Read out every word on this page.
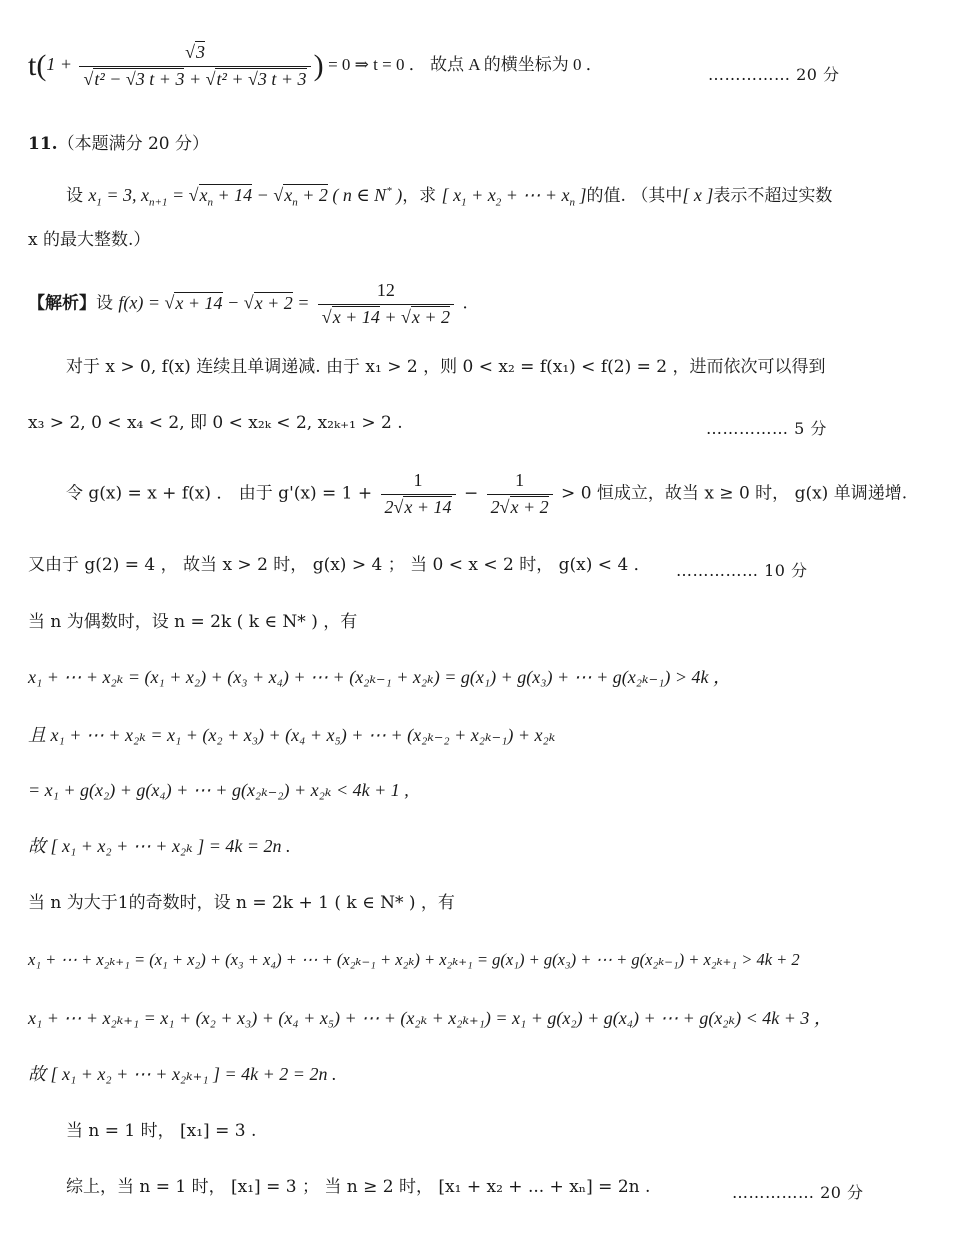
$t(1 + \frac{√3}{\text{√t² − √3 t + 3 + √t² + √3 t + 3}}$ ) = 0 ⇒ t = 0 ． 故点 A 的横坐标为 0 ．
…………… 20 分
11.（本题满分 20 分）
设 $x_1 = 3$, $x_{n+1} = √x_n + 14 - √x_n + 2$ ( n ∈ N* )，求 [ $x_1 + x_2$ + ⋯ + $x_n$ ]的值. （其中[ x ]表示不超过实数
x 的最大整数.）
【解析】设 $f(x) = √x + 14 - √x + 2 = \frac{12}{√x + 14 + √x + 2}$ .
对于 x > 0, f(x) 连续且单调递减. 由于 x₁ > 2 ，则 0 < x₂ = f(x₁) < f(2) = 2 ，进而依次可以得到
x₃ > 2, 0 < x₄ < 2, 即 0 < x₂ₖ < 2, x₂ₖ₊₁ > 2 .	…………… 5 分
令 g(x) = x + f(x) ． 由于 $g'(x) = 1 + \frac{1}{2√x + 14} - \frac{1}{2√x + 2} > 0$ 恒成立，故当 x ≥ 0 时， g(x) 单调递增.
又由于 g(2) = 4 ， 故当 x > 2 时， g(x) > 4 ； 当 0 < x < 2 时， g(x) < 4 ． …………… 10 分
当 n 为偶数时，设 n = 2k ( k ∈ N* ) ，有
x₁ + ⋯ + x₂ₖ = (x₁ + x₂) + (x₃ + x₄) + ⋯ + (x₂ₖ₋₁ + x₂ₖ) = g(x₁) + g(x₃) + ⋯ + g(x₂ₖ₋₁) > 4k ，
且 x₁ + ⋯ + x₂ₖ = x₁ + (x₂ + x₃) + (x₄ + x₅) + ⋯ + (x₂ₖ₋₂ + x₂ₖ₋₁) + x₂ₖ
= x₁ + g(x₂) + g(x₄) + ⋯ + g(x₂ₖ₋₂) + x₂ₖ < 4k + 1 ,
故 [ x₁ + x₂ + ⋯ + x₂ₖ ] = 4k = 2n .
当 n 为大于1的奇数时，设 n = 2k + 1 ( k ∈ N* ) ，有
x₁ + ⋯ + x₂ₖ₊₁ = (x₁ + x₂) + (x₃ + x₄) + ⋯ + (x₂ₖ₋₁ + x₂ₖ) + x₂ₖ₊₁ = g(x₁) + g(x₃) + ⋯ + g(x₂ₖ₋₁) + x₂ₖ₊₁ > 4k + 2
x₁ + ⋯ + x₂ₖ₊₁ = x₁ + (x₂ + x₃) + (x₄ + x₅) + ⋯ + (x₂ₖ + x₂ₖ₊₁) = x₁ + g(x₂) + g(x₄) + ⋯ + g(x₂ₖ) < 4k + 3 ，
故 [ x₁ + x₂ + ⋯ + x₂ₖ₊₁ ] = 4k + 2 = 2n .
当 n = 1 时， [x₁] = 3 .
综上，当 n = 1 时， [x₁] = 3 ； 当 n ≥ 2 时， [x₁ + x₂ + ... + xₙ] = 2n .	…………… 20 分
